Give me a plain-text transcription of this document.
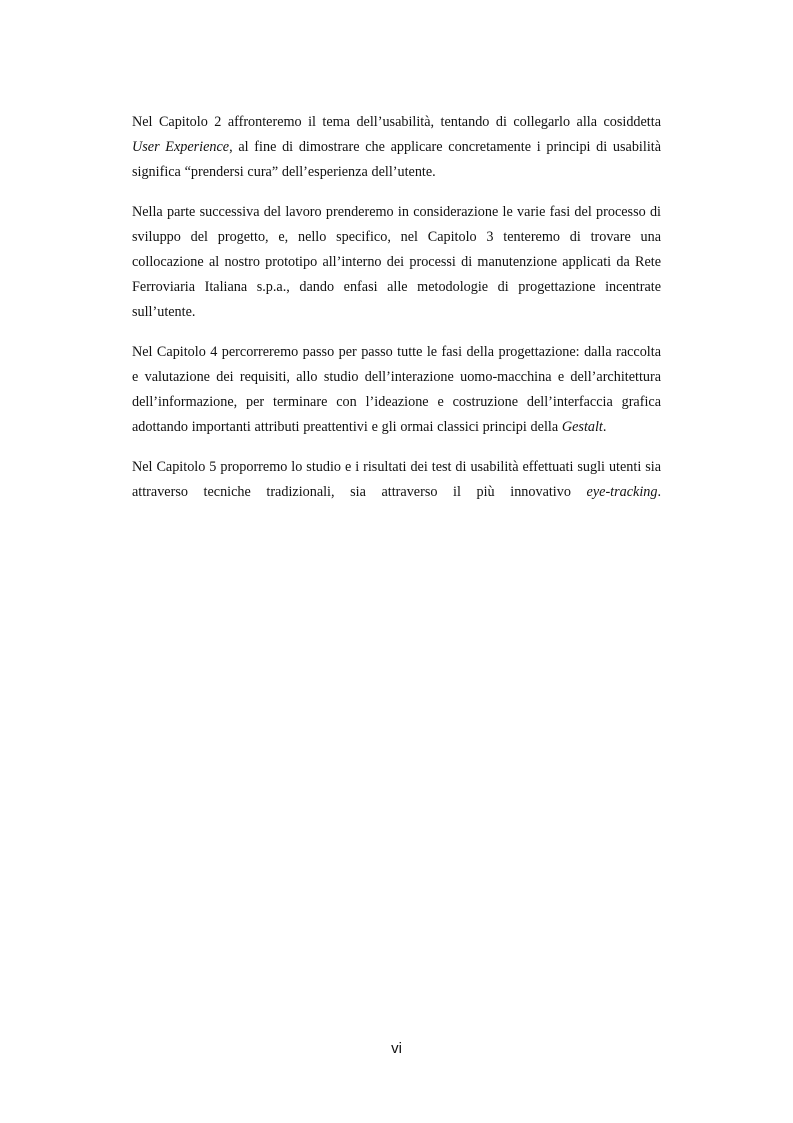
Nel Capitolo 2 affronteremo il tema dell’usabilità, tentando di collegarlo alla cosiddetta User Experience, al fine di dimostrare che applicare concretamente i principi di usabilità significa “prendersi cura” dell’esperienza dell’utente.

Nella parte successiva del lavoro prenderemo in considerazione le varie fasi del processo di sviluppo del progetto, e, nello specifico, nel Capitolo 3 tenteremo di trovare una collocazione al nostro prototipo all’interno dei processi di manutenzione applicati da Rete Ferroviaria Italiana s.p.a., dando enfasi alle metodologie di progettazione incentrate sull’utente.

Nel Capitolo 4 percorreremo passo per passo tutte le fasi della progettazione: dalla raccolta e valutazione dei requisiti, allo studio dell’interazione uomo-macchina e dell’architettura dell’informazione, per terminare con l’ideazione e costruzione dell’interfaccia grafica adottando importanti attributi preattentivi e gli ormai classici principi della Gestalt.

Nel Capitolo 5 proporremo lo studio e i risultati dei test di usabilità effettuati sugli utenti sia attraverso tecniche tradizionali, sia attraverso il più innovativo eye-tracking.

vi
